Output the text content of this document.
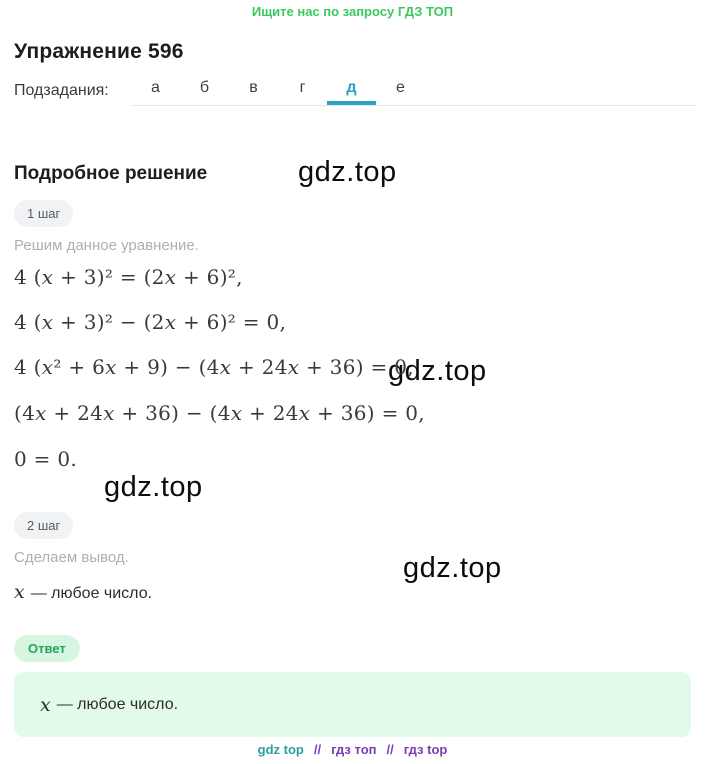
Ищите нас по запросу ГДЗ ТОП
Упражнение 596
Подзадания:	а	б	в	г	д	е
Подробное решение	gdz.top
gdz.top
gdz.top
gdz.top
1 шаг
Решим данное уравнение.
4 (x + 3)² = (2x + 6)²,
4 (x + 3)² − (2x + 6)² = 0,
4 (x² + 6x + 9) − (4x + 24x + 36) = 0,
(4x + 24x + 36) − (4x + 24x + 36) = 0,
0 = 0.
2 шаг
Сделаем вывод.
x — любое число.
Ответ
x — любое число.
gdz top // гдз топ // гдз top
